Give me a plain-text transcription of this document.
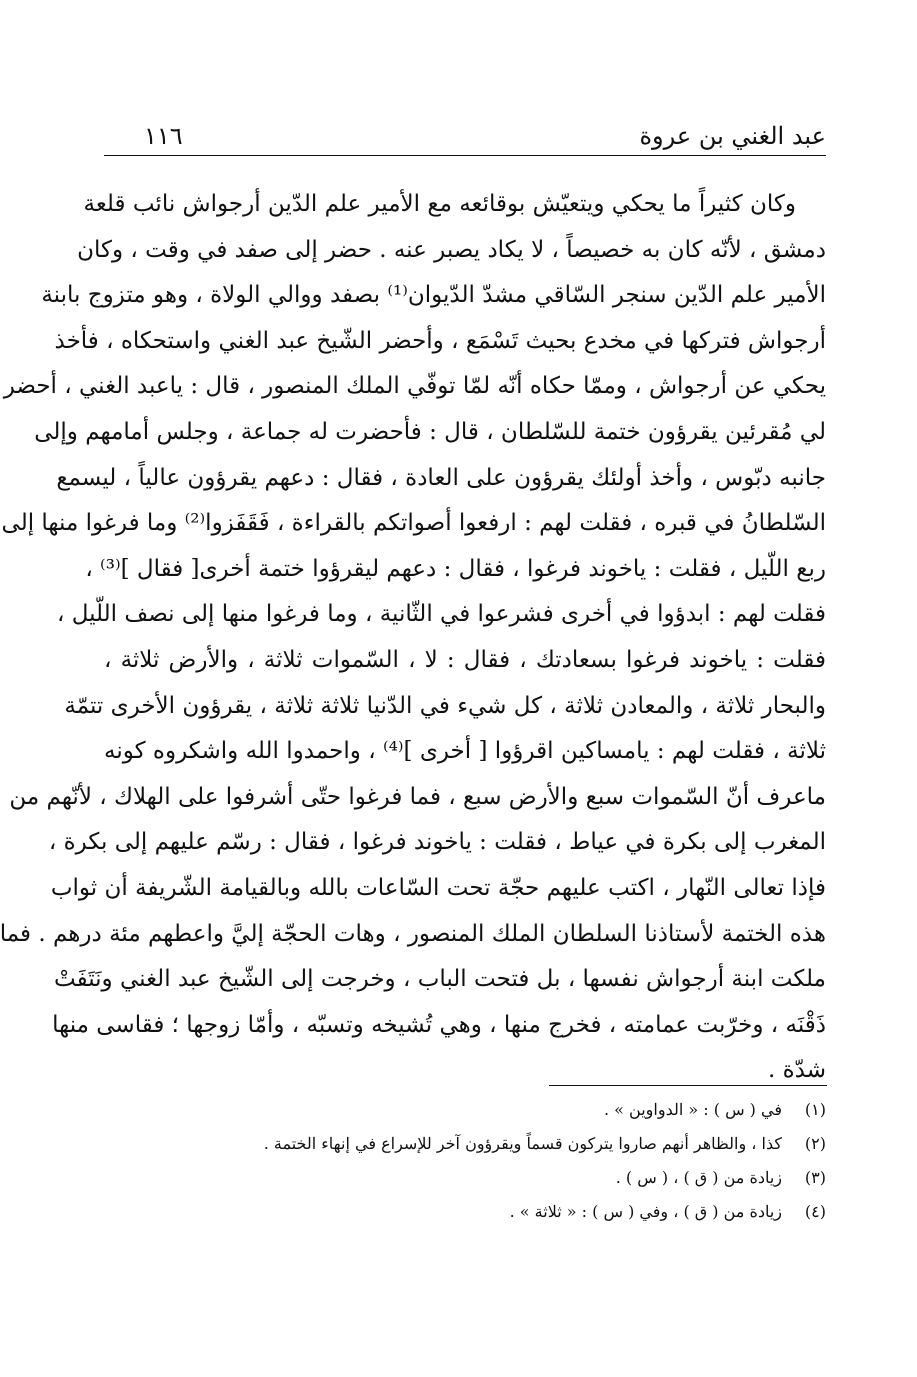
عبد الغني بن عروة
١١٦
وكان كثيراً ما يحكي ويتعيّش بوقائعه مع الأمير علم الدّين أرجواش نائب قلعة
دمشق ، لأنّه كان به خصيصاً ، لا يكاد يصبر عنه . حضر إلى صفد في وقت ، وكان
الأمير علم الدّين سنجر السّاقي مشدّ الدّيوان⁽¹⁾ بصفد ووالي الولاة ، وهو متزوج بابنة
أرجواش فتركها في مخدع بحيث تَسْمَع ، وأحضر الشّيخ عبد الغني واستحكاه ، فأخذ
يحكي عن أرجواش ، وممّا حكاه أنّه لمّا توفّي الملك المنصور ، قال : ياعبد الغني ، أحضر
لي مُقرئين يقرؤون ختمة للسّلطان ، قال : فأحضرت له جماعة ، وجلس أمامهم وإلى
جانبه دبّوس ، وأخذ أولئك يقرؤون على العادة ، فقال : دعهم يقرؤون عالياً ، ليسمع
السّلطانُ في قبره ، فقلت لهم : ارفعوا أصواتكم بالقراءة ، فَقَفَزوا⁽²⁾ وما فرغوا منها إلى
ربع اللّيل ، فقلت : ياخوند فرغوا ، فقال : دعهم ليقرؤوا ختمة أخرى[ فقال ]⁽³⁾ ،
فقلت لهم : ابدؤوا في أخرى فشرعوا في الثّانية ، وما فرغوا منها إلى نصف اللّيل ،
فقلت : ياخوند فرغوا بسعادتك ، فقال : لا ، السّموات ثلاثة ، والأرض ثلاثة ،
والبحار ثلاثة ، والمعادن ثلاثة ، كل شيء في الدّنيا ثلاثة ثلاثة ، يقرؤون الأخرى تتمّة
ثلاثة ، فقلت لهم : يامساكين اقرؤوا [ أخرى ]⁽⁴⁾ ، واحمدوا الله واشكروه كونه
ماعرف أنّ السّموات سبع والأرض سبع ، فما فرغوا حتّى أشرفوا على الهلاك ، لأنّهم من
المغرب إلى بكرة في عياط ، فقلت : ياخوند فرغوا ، فقال : رسّم عليهم إلى بكرة ،
فإذا تعالى النّهار ، اكتب عليهم حجّة تحت السّاعات بالله وبالقيامة الشّريفة أن ثواب
هذه الختمة لأستاذنا السلطان الملك المنصور ، وهات الحجّة إليَّ واعطهم مئة درهم . فما
ملكت ابنة أرجواش نفسها ، بل فتحت الباب ، وخرجت إلى الشّيخ عبد الغني ونَتَفَتْ
ذَقْنَه ، وخرّبت عمامته ، فخرج منها ، وهي تُشيخه وتسبّه ، وأمّا زوجها ؛ فقاسى منها
شدّة .
(١)
في ( س ) : « الدواوين » .
(٢)
كذا ، والظاهر أنهم صاروا يتركون قسماً ويقرؤون آخر للإسراع في إنهاء الختمة .
(٣)
زيادة من ( ق ) ، ( س ) .
(٤)
زيادة من ( ق ) ، وفي ( س ) : « ثلاثة » .
